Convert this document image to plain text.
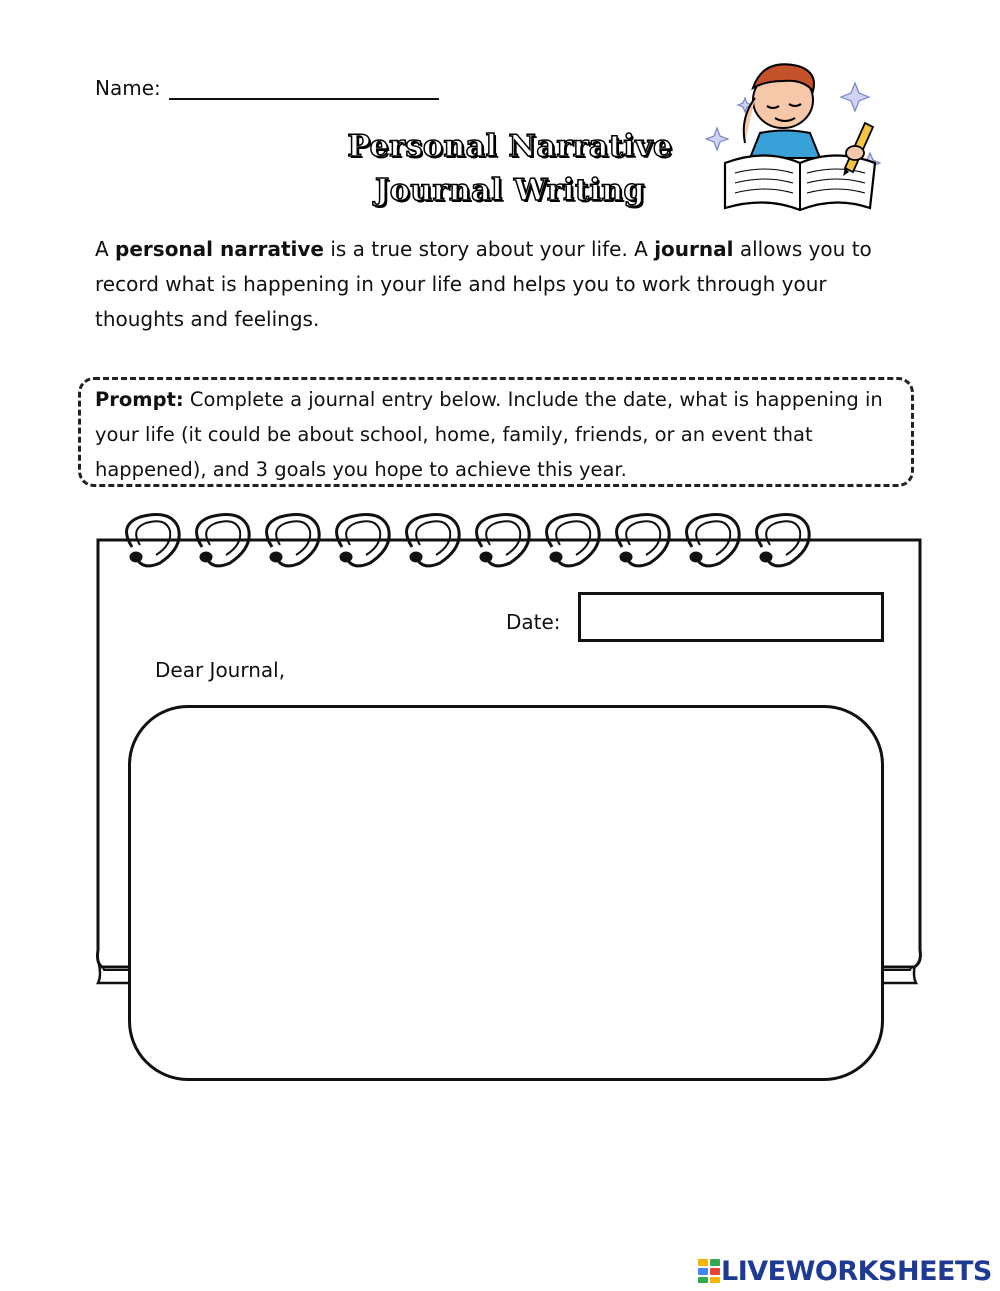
Name:
Personal Narrative
Journal Writing
A personal narrative is a true story about your life. A journal allows you to record what is happening in your life and helps you to work through your thoughts and feelings.
Prompt: Complete a journal entry below. Include the date, what is happening in your life (it could be about school, home, family, friends, or an event that happened), and 3 goals you hope to achieve this year.
Date:
Dear Journal,
LIVEWORKSHEETS
